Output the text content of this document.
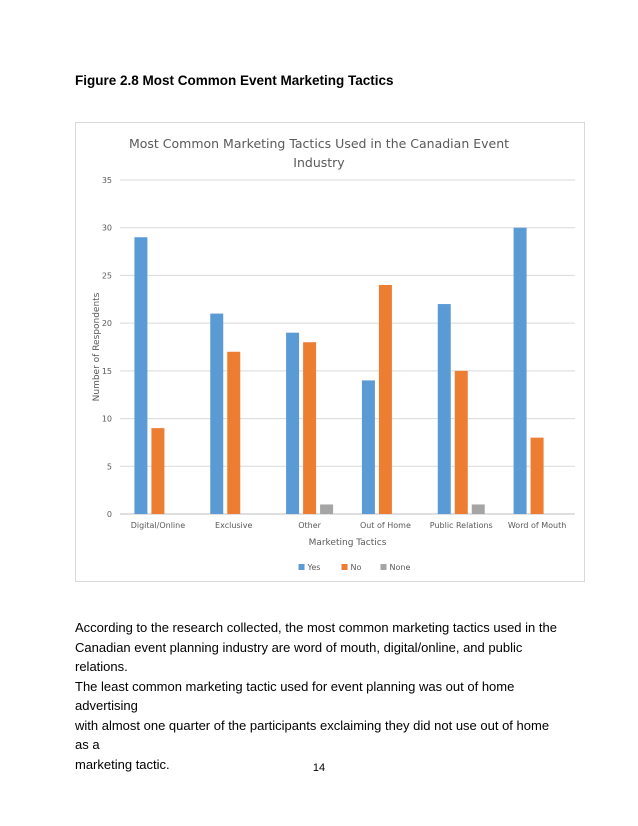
Figure 2.8 Most Common Event Marketing Tactics
Most Common Marketing Tactics Used in the Canadian Event
Industry
0
5
10
15
20
25
30
35
Digital/Online	Exclusive	Other	Out of Home Public Relations Word of Mouth
Marketing Tactics
Number of Respondents
Yes	No	None
According to the research collected, the most common marketing tactics used in the
Canadian event planning industry are word of mouth, digital/online, and public relations.
The least common marketing tactic used for event planning was out of home advertising
with almost one quarter of the participants exclaiming they did not use out of home as a
marketing tactic.	14
